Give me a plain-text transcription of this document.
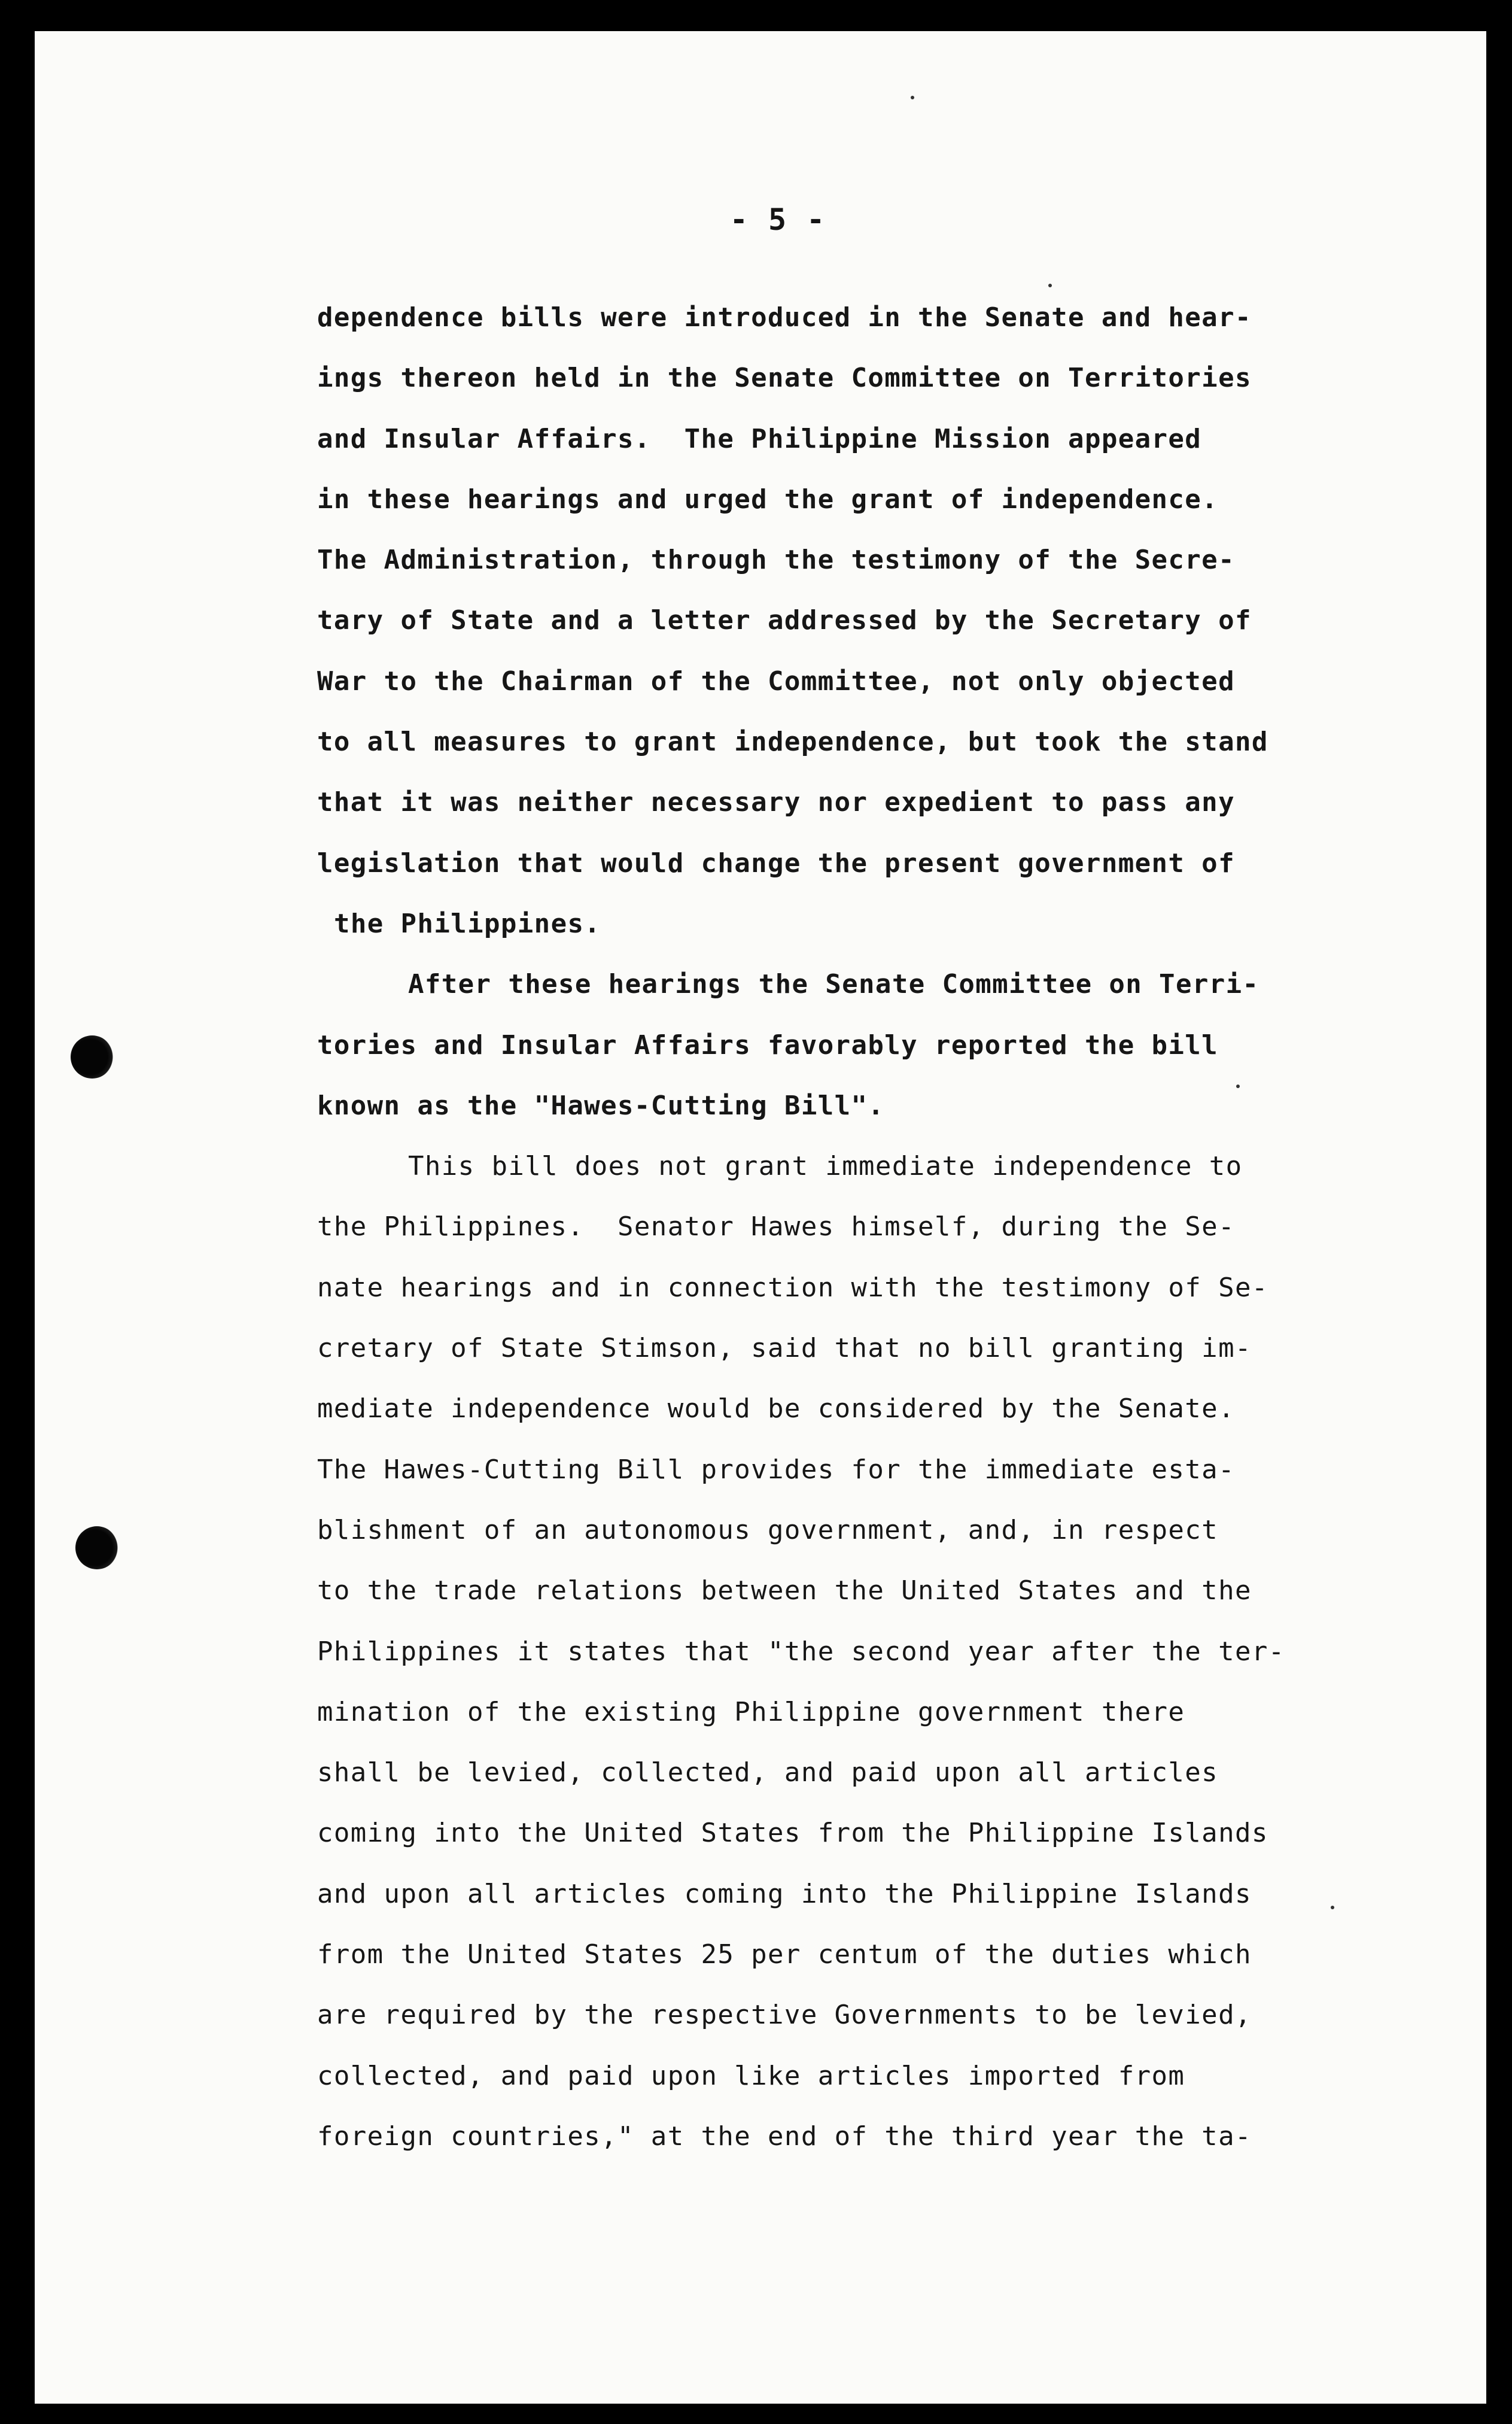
- 5 -
dependence bills were introduced in the Senate and hear-
ings thereon held in the Senate Committee on Territories
and Insular Affairs.  The Philippine Mission appeared
in these hearings and urged the grant of independence.
The Administration, through the testimony of the Secre-
tary of State and a letter addressed by the Secretary of
War to the Chairman of the Committee, not only objected
to all measures to grant independence, but took the stand
that it was neither necessary nor expedient to pass any
legislation that would change the present government of
the Philippines.
After these hearings the Senate Committee on Terri-
tories and Insular Affairs favorably reported the bill
known as the "Hawes-Cutting Bill".
This bill does not grant immediate independence to
the Philippines.  Senator Hawes himself, during the Se-
nate hearings and in connection with the testimony of Se-
cretary of State Stimson, said that no bill granting im-
mediate independence would be considered by the Senate.
The Hawes-Cutting Bill provides for the immediate esta-
blishment of an autonomous government, and, in respect
to the trade relations between the United States and the
Philippines it states that "the second year after the ter-
mination of the existing Philippine government there
shall be levied, collected, and paid upon all articles
coming into the United States from the Philippine Islands
and upon all articles coming into the Philippine Islands
from the United States 25 per centum of the duties which
are required by the respective Governments to be levied,
collected, and paid upon like articles imported from
foreign countries," at the end of the third year the ta-
